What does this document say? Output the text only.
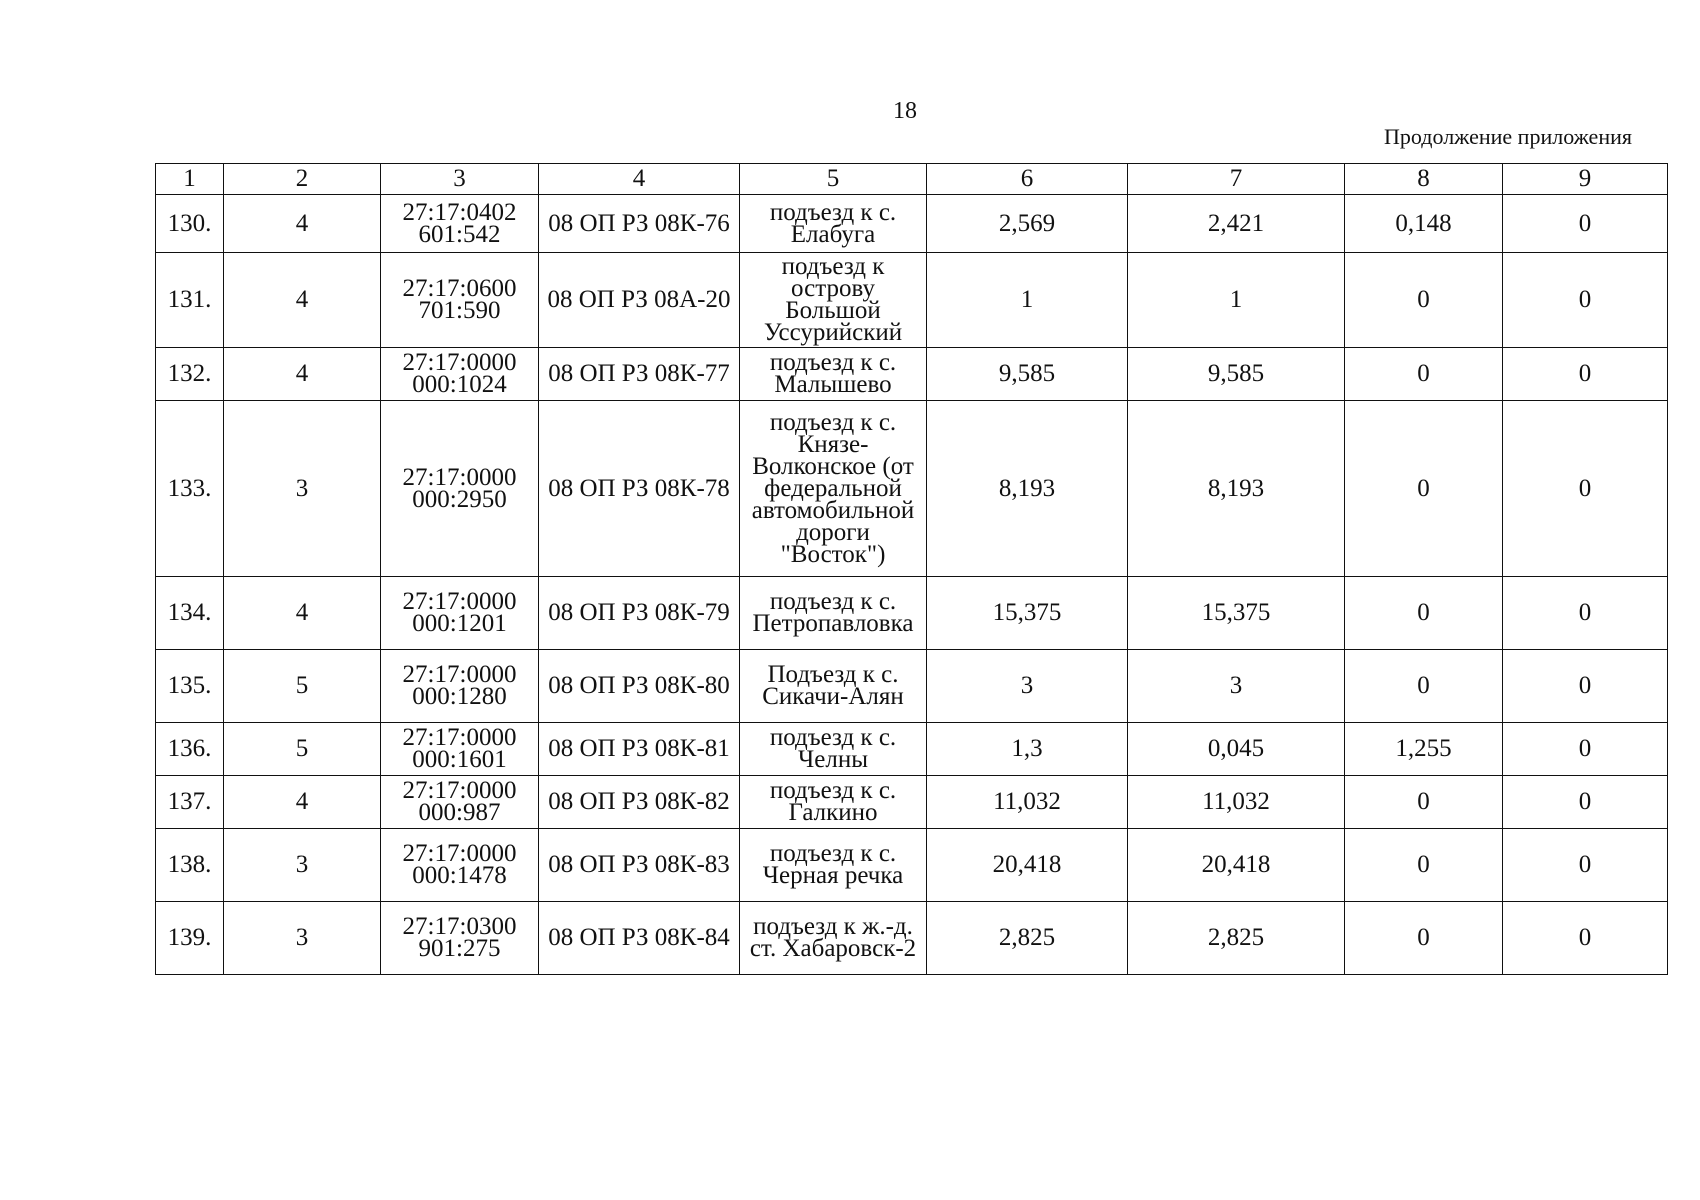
18
Продолжение приложения
1	2	3	4	5	6	7	8	9
130.	4	27:17:0402 601:542	08 ОП РЗ 08К-76	подъезд к с. Елабуга	2,569	2,421	0,148	0
131.	4	27:17:0600 701:590	08 ОП РЗ 08А-20	подъезд к острову Большой Уссурийский	1	1	0	0
132.	4	27:17:0000 000:1024	08 ОП РЗ 08К-77	подъезд к с. Малышево	9,585	9,585	0	0
133.	3	27:17:0000 000:2950	08 ОП РЗ 08К-78	подъезд к с. Князе-Волконское (от федеральной автомобильной дороги "Восток")	8,193	8,193	0	0
134.	4	27:17:0000 000:1201	08 ОП РЗ 08К-79	подъезд к с. Петропавловка	15,375	15,375	0	0
135.	5	27:17:0000 000:1280	08 ОП РЗ 08К-80	Подъезд к с. Сикачи-Алян	3	3	0	0
136.	5	27:17:0000 000:1601	08 ОП РЗ 08К-81	подъезд к с. Челны	1,3	0,045	1,255	0
137.	4	27:17:0000 000:987	08 ОП РЗ 08К-82	подъезд к с. Галкино	11,032	11,032	0	0
138.	3	27:17:0000 000:1478	08 ОП РЗ 08К-83	подъезд к с. Черная речка	20,418	20,418	0	0
139.	3	27:17:0300 901:275	08 ОП РЗ 08К-84	подъезд к ж.-д. ст. Хабаровск-2	2,825	2,825	0	0
